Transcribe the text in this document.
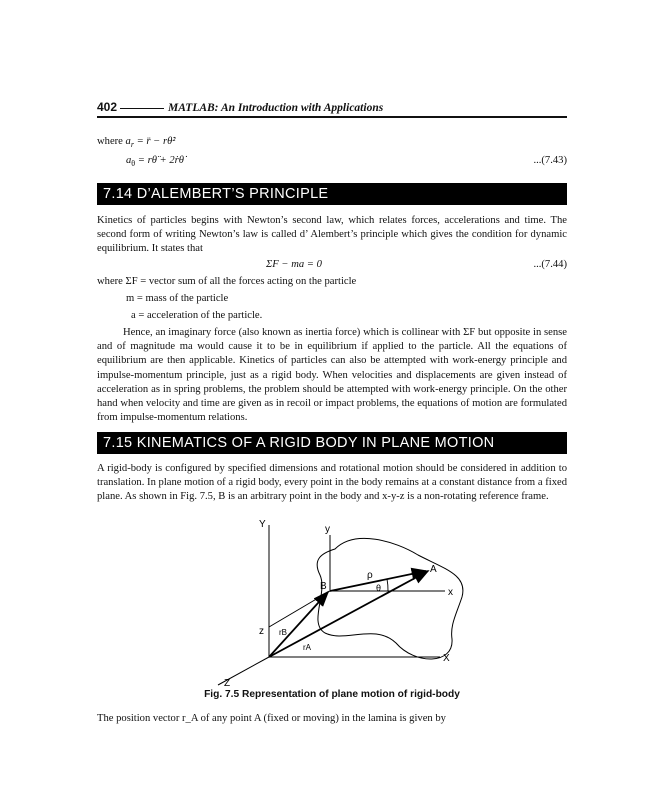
402	MATLAB: An Introduction with Applications
where $a_r$ = r̈ − rθ̇²
$a_\theta$ = rθ̈ + 2ṙθ̇	...(7.43)
7.14 D’ALEMBERT’S PRINCIPLE
Kinetics of particles begins with Newton’s second law, which relates forces, accelerations and time. The second form of writing Newton’s law is called d’ Alembert’s principle which gives the condition for dynamic equilibrium. It states that
ΣF − ma = 0	...(7.44)
where ΣF = vector sum of all the forces acting on the particle
m = mass of the particle
a = acceleration of the particle.
Hence, an imaginary force (also known as inertia force) which is collinear with ΣF but opposite in sense and of magnitude ma would cause it to be in equilibrium if applied to the particle. All the equations of equilibrium are then applicable. Kinetics of particles can also be attempted with work-energy principle and impulse-momentum principle, just as a rigid body. When velocities and displacements are given instead of acceleration as in spring problems, the problem should be attempted with work-energy principle. On the other hand when velocity and time are given as in recoil or impact problems, the equations of motion are formulated from impulse-momentum relations.
7.15 KINEMATICS OF A RIGID BODY IN PLANE MOTION
A rigid-body is configured by specified dimensions and rotational motion should be considered in addition to translation. In plane motion of a rigid body, every point in the body remains at a constant distance from a fixed plane. As shown in Fig. 7.5, B is an arbitrary point in the body and x-y-z is a non-rotating reference frame.
Y	y
A
B
ρ
θ	x
z rB
rA
X
Z
Fig. 7.5 Representation of plane motion of rigid-body
The position vector r_A of any point A (fixed or moving) in the lamina is given by
